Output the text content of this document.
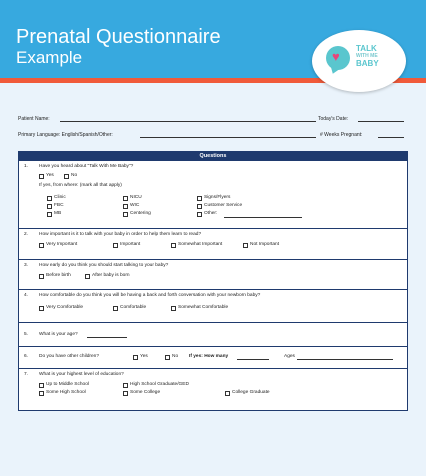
Prenatal Questionnaire
Example	♥
TALK
WITH ME
BABY
Patient Name:	Today's Date:
Primary Language: English/Spanish/Other:	# Weeks Pregnant:
Questions
1. Have you heard about "Talk With Me Baby"?
Yes	No
If yes, from where: (mark all that apply)
Clinic	NICU	Signs/Flyers
FBC	WIC	Customer Service
MB	Centering	Other:
2. How important is it to talk with your baby in order to help them learn to read?
Very Important	Important	Somewhat Important	Not Important
3. How early do you think you should start talking to your baby?
Before birth	After baby is born
4. How comfortable do you think you will be having a back and forth conversation with your newborn baby?
Very Comfortable	Comfortable	Somewhat Comfortable
5. What is your age?
6. Do you have other children?	Yes	No If yes: How many	Ages
7. What is your highest level of education?
Up to Middle School	High School Graduate/GED
Some High School	Some College	College Graduate
